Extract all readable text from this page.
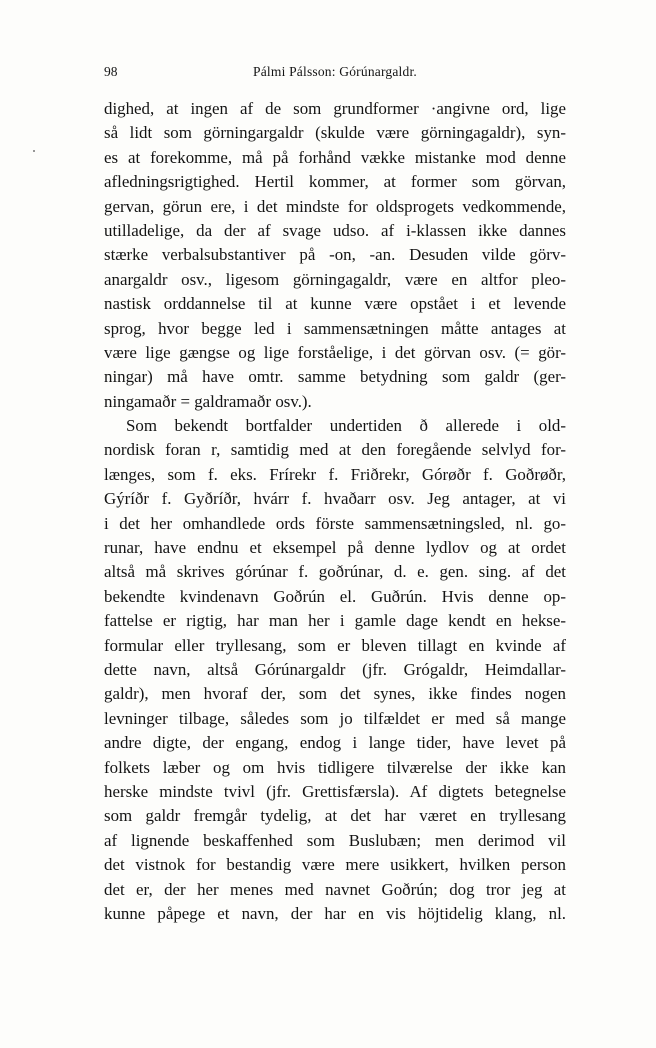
98	Pálmi Pálsson: Górúnargaldr.
dighed, at ingen af de som grundformer ·angivne ord, lige
så lidt som görningargaldr (skulde være görningagaldr), syn-
es at forekomme, må på forhånd vække mistanke mod denne
afledningsrigtighed. Hertil kommer, at former som görvan,
gervan, görun ere, i det mindste for oldsprogets vedkommende,
utilladelige, da der af svage udso. af i-klassen ikke dannes
stærke verbalsubstantiver på -on, -an. Desuden vilde görv-
anargaldr osv., ligesom görningagaldr, være en altfor pleo-
nastisk orddannelse til at kunne være opstået i et levende
sprog, hvor begge led i sammensætningen måtte antages at
være lige gængse og lige forståelige, i det görvan osv. (= gör-
ningar) må have omtr. samme betydning som galdr (ger-
ningamaðr = galdramaðr osv.).
Som bekendt bortfalder undertiden ð allerede i old-
nordisk foran r, samtidig med at den foregående selvlyd for-
længes, som f. eks. Frírekr f. Friðrekr, Górøðr f. Goðrøðr,
Gýríðr f. Gyðríðr, hvárr f. hvaðarr osv. Jeg antager, at vi
i det her omhandlede ords förste sammensætningsled, nl. go-
runar, have endnu et eksempel på denne lydlov og at ordet
altså må skrives górúnar f. goðrúnar, d. e. gen. sing. af det
bekendte kvindenavn Goðrún el. Guðrún. Hvis denne op-
fattelse er rigtig, har man her i gamle dage kendt en hekse-
formular eller tryllesang, som er bleven tillagt en kvinde af
dette navn, altså Górúnargaldr (jfr. Grógaldr, Heimdallar-
galdr), men hvoraf der, som det synes, ikke findes nogen
levninger tilbage, således som jo tilfældet er med så mange
andre digte, der engang, endog i lange tider, have levet på
folkets læber og om hvis tidligere tilværelse der ikke kan
herske mindste tvivl (jfr. Grettisfærsla). Af digtets betegnelse
som galdr fremgår tydelig, at det har været en tryllesang
af lignende beskaffenhed som Buslubæn; men derimod vil
det vistnok for bestandig være mere usikkert, hvilken person
det er, der her menes med navnet Goðrún; dog tror jeg at
kunne påpege et navn, der har en vis höjtidelig klang, nl.
